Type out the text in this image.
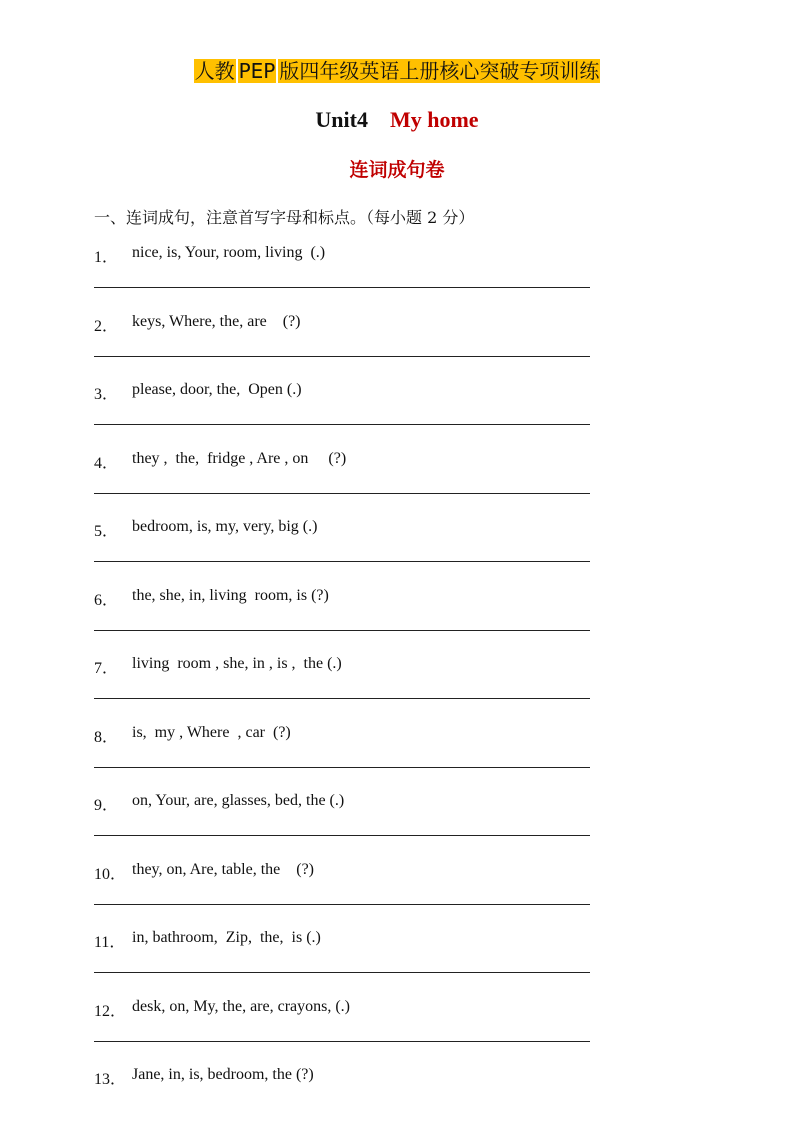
人教 PEP 版四年级英语上册核心突破专项训练
Unit4 My home
连词成句卷
一、连词成句，注意首写字母和标点。（每小题 2 分）
1． nice, is, Your, room, living  (.)
2． keys, Where, the, are    (?)
3． please, door, the,  Open (.)
4． they ,  the,  fridge , Are , on     (?)
5． bedroom, is, my, very, big (.)
6． the, she, in, living  room, is (?)
7． living  room , she, in , is ,  the (.)
8． is,  my , Where  , car  (?)
9． on, Your, are, glasses, bed, the (.)
10． they, on, Are, table, the    (?)
11． in, bathroom,  Zip,  the,  is (.)
12． desk, on, My, the, are, crayons, (.)
13． Jane, in, is, bedroom, the (?)
